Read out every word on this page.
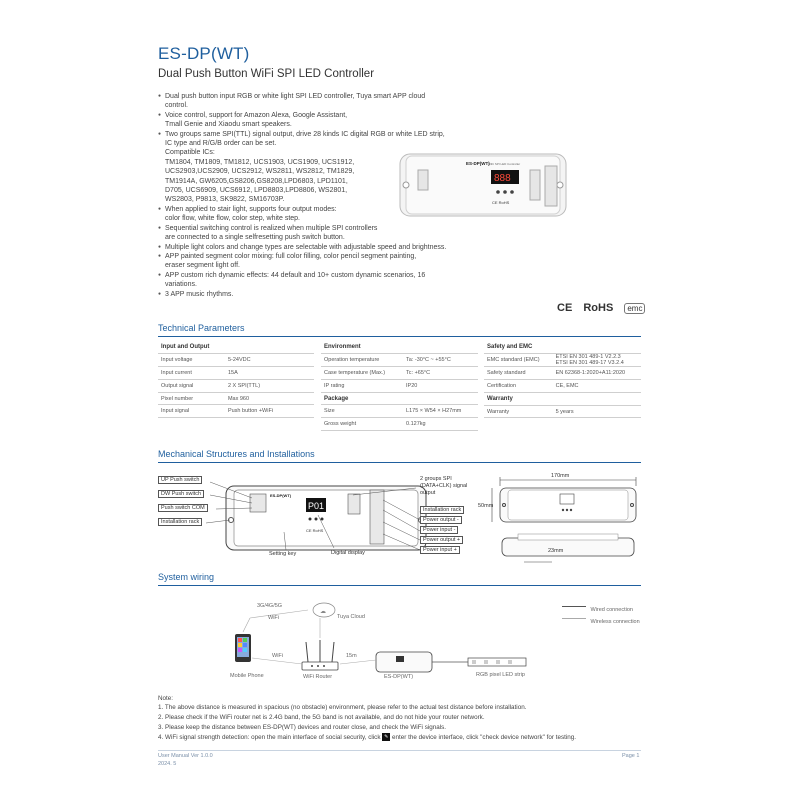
ES-DP(WT)
Dual Push Button WiFi SPI LED Controller
● Dual push button input RGB or white light SPI LED controller, Tuya smart APP cloud control.
● Voice control, support for Amazon Alexa, Google Assistant,
Tmall Genie and Xiaodu smart speakers.
● Two groups same SPI(TTL) signal output, drive 28 kinds IC digital RGB or white LED strip,
IC type and R/G/B order can be set.
Compatible ICs:
TM1804, TM1809, TM1812, UCS1903, UCS1909, UCS1912,
UCS2903,UCS2909, UCS2912, WS2811, WS2812, TM1829,
TM1914A, GW6205,GS8206,GS8208,LPD6803, LPD1101,
D705, UCS6909, UCS6912, LPD8803,LPD8806, WS2801,
WS2803, P9813, SK9822, SM16703P.
● When applied to stair light, supports four output modes:
color flow, white flow, color step, white step.
● Sequential switching control is realized when multiple SPI controllers
are connected to a single selfresetting push switch button.
● Multiple light colors and change types are selectable with adjustable speed and brightness.
● APP painted segment color mixing: full color filling, color pencil segment painting,
eraser segment light off.
● APP custom rich dynamic effects: 44 default and 10+ custom dynamic scenarios, 16 variations.
● 3 APP music rhythms.
ES-DP(WT)
WiFi SPI LED Controller
888
CE RoHS
CE RoHS emc
Technical Parameters
Input and Output	
Input voltage	5-24VDC
Input current	15A
Output signal	2 X SPI(TTL)
Pixel number	Max 960
Input signal	Push button +WiFi
Environment	
Operation temperature	Ta: -30°C ~ +55°C
Case temperature (Max.)	Tc: +65°C
IP rating	IP20
Package	
Size	L175 × W54 × H27mm
Gross weight	0.127kg
Safety and EMC	
EMC standard (EMC)	ETSI EN 301 489-1 V2.2.3
ETSI EN 301 489-17 V3.2.4

Safety standard	EN 62368-1:2020+A11:2020
Certification	CE, EMC
Warranty	
Warranty	5 years
Mechanical Structures and Installations
P01
ES-DP(WT)
CE RoHS
UP Push switch
DW Push switch
Push switch COM
Installation rack
2 groups SPI (DATA+CLK) signal output
Installation rack
Power output -
Power input -
Power output +
Power input +
Setting key	Digital display
170mm
50mm
23mm
System wiring
Wired connection
Wireless connection
☁
3G/4G/5G
WiFi	Tuya Cloud
WiFi	15m
Mobile Phone	WiFi Router	ES-DP(WT)	RGB pixel LED strip
Note:
1. The above distance is measured in spacious (no obstacle) environment, please refer to the actual test distance before installation.
2. Please check if the WiFi router net is 2.4G band, the 5G band is not available, and do not hide your router network.
3. Please keep the distance between ES-DP(WT) devices and router close, and check the WiFi signals.
4. WiFi signal strength detection: open the main interface of social security, click ✎ enter the device interface, click "check device network" for testing.
User Manual Ver 1.0.0
2024. 5
Page 1
